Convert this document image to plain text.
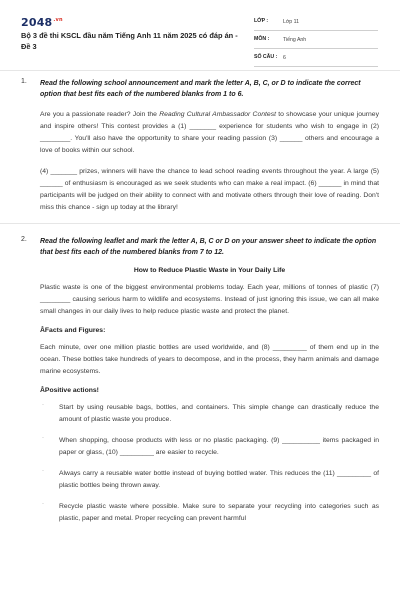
$2048^{.vn}$
Bộ 3 đề thi KSCL đầu năm Tiếng Anh 11 năm 2025 có đáp án - Đề 3
LỚP :	Lớp 11
MÔN :	Tiếng Anh
SỐ CÂU : 6
1. Read the following school announcement and mark the letter A, B, C, or D to indicate the correct option that best fits each of the numbered blanks from 1 to 6.

Are you a passionate reader? Join the Reading Cultural Ambassador Contest to showcase your unique journey and inspire others! This contest provides a (1) _______ experience for students who wish to engage in (2) ________. You'll also have the opportunity to share your reading passion (3) ______ others and encourage a love of books within our school.

(4) _______ prizes, winners will have the chance to lead school reading events throughout the year. A large (5) ______ of enthusiasm is encouraged as we seek students who can make a real impact. (6) ______ in mind that participants will be judged on their ability to connect with and motivate others through their love of reading. Don't miss this chance - sign up today at the library!

2. Read the following leaflet and mark the letter A, B, C or D on your answer sheet to indicate the option that best fits each of the numbered blanks from 7 to 12.

How to Reduce Plastic Waste in Your Daily Life

Plastic waste is one of the biggest environmental problems today. Each year, millions of tonnes of plastic (7) ________ causing serious harm to wildlife and ecosystems. Instead of just ignoring this issue, we can all make small changes in our daily lives to help reduce plastic waste and protect the planet.

ÂFacts and Figures:

Each minute, over one million plastic bottles are used worldwide, and (8) _________ of them end up in the ocean. These bottles take hundreds of years to decompose, and in the process, they harm animals and damage marine ecosystems.

ÂPositive actions!

· Start by using reusable bags, bottles, and containers. This simple change can drastically reduce the amount of plastic waste you produce.

· When shopping, choose products with less or no plastic packaging. (9) __________ items packaged in paper or glass, (10) _________ are easier to recycle.

· Always carry a reusable water bottle instead of buying bottled water. This reduces the (11) _________ of plastic bottles being thrown away.

· Recycle plastic waste where possible. Make sure to separate your recycling into categories such as plastic, paper and metal. Proper recycling can prevent harmful
